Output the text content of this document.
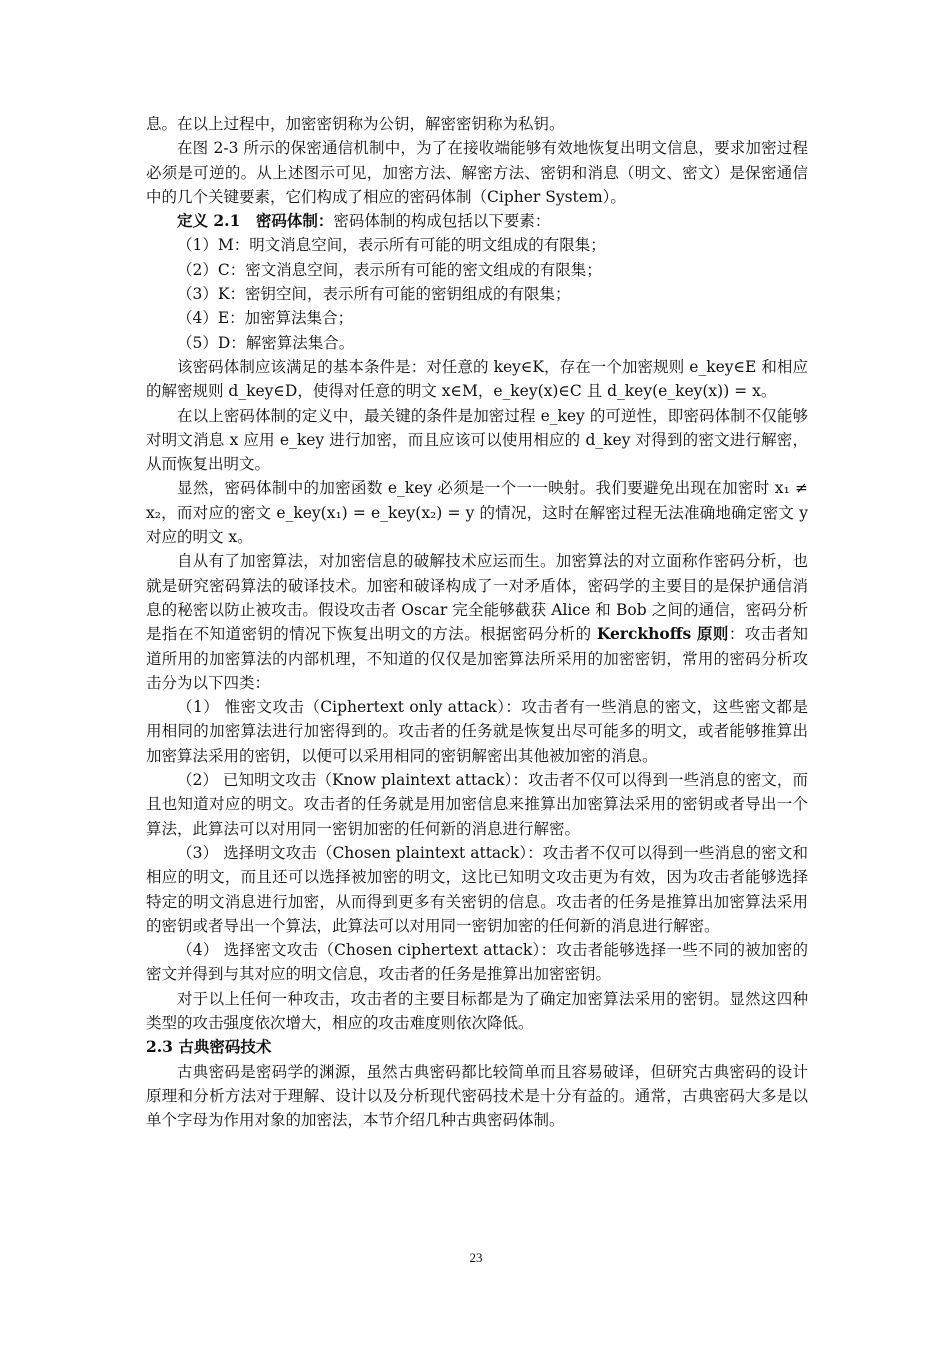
息。在以上过程中，加密密钥称为公钥，解密密钥称为私钥。

在图 2-3 所示的保密通信机制中，为了在接收端能够有效地恢复出明文信息，要求加密过程必须是可逆的。从上述图示可见，加密方法、解密方法、密钥和消息（明文、密文）是保密通信中的几个关键要素，它们构成了相应的密码体制（Cipher System）。

定义 2.1　密码体制：密码体制的构成包括以下要素：

（1）M：明文消息空间，表示所有可能的明文组成的有限集；

（2）C：密文消息空间，表示所有可能的密文组成的有限集；

（3）K：密钥空间，表示所有可能的密钥组成的有限集；

（4）E：加密算法集合；

（5）D：解密算法集合。

该密码体制应该满足的基本条件是：对任意的 key∈K，存在一个加密规则 e_key∈E 和相应的解密规则 d_key∈D，使得对任意的明文 x∈M，e_key(x)∈C 且 d_key(e_key(x)) = x。

在以上密码体制的定义中，最关键的条件是加密过程 e_key 的可逆性，即密码体制不仅能够对明文消息 x 应用 e_key 进行加密，而且应该可以使用相应的 d_key 对得到的密文进行解密，从而恢复出明文。

显然，密码体制中的加密函数 e_key 必须是一个一一映射。我们要避免出现在加密时 x₁ ≠ x₂，而对应的密文 e_key(x₁) = e_key(x₂) = y 的情况，这时在解密过程无法准确地确定密文 y 对应的明文 x。

自从有了加密算法，对加密信息的破解技术应运而生。加密算法的对立面称作密码分析，也就是研究密码算法的破译技术。加密和破译构成了一对矛盾体，密码学的主要目的是保护通信消息的秘密以防止被攻击。假设攻击者 Oscar 完全能够截获 Alice 和 Bob 之间的通信，密码分析是指在不知道密钥的情况下恢复出明文的方法。根据密码分析的 Kerckhoffs 原则：攻击者知道所用的加密算法的内部机理，不知道的仅仅是加密算法所采用的加密密钥，常用的密码分析攻击分为以下四类：

（1） 惟密文攻击（Ciphertext only attack）：攻击者有一些消息的密文，这些密文都是用相同的加密算法进行加密得到的。攻击者的任务就是恢复出尽可能多的明文，或者能够推算出加密算法采用的密钥，以便可以采用相同的密钥解密出其他被加密的消息。

（2） 已知明文攻击（Know plaintext attack）：攻击者不仅可以得到一些消息的密文，而且也知道对应的明文。攻击者的任务就是用加密信息来推算出加密算法采用的密钥或者导出一个算法，此算法可以对用同一密钥加密的任何新的消息进行解密。

（3） 选择明文攻击（Chosen plaintext attack）：攻击者不仅可以得到一些消息的密文和相应的明文，而且还可以选择被加密的明文，这比已知明文攻击更为有效，因为攻击者能够选择特定的明文消息进行加密，从而得到更多有关密钥的信息。攻击者的任务是推算出加密算法采用的密钥或者导出一个算法，此算法可以对用同一密钥加密的任何新的消息进行解密。

（4） 选择密文攻击（Chosen ciphertext attack）：攻击者能够选择一些不同的被加密的密文并得到与其对应的明文信息，攻击者的任务是推算出加密密钥。

对于以上任何一种攻击，攻击者的主要目标都是为了确定加密算法采用的密钥。显然这四种类型的攻击强度依次增大，相应的攻击难度则依次降低。

2.3 古典密码技术

古典密码是密码学的渊源，虽然古典密码都比较简单而且容易破译，但研究古典密码的设计原理和分析方法对于理解、设计以及分析现代密码技术是十分有益的。通常，古典密码大多是以单个字母为作用对象的加密法，本节介绍几种古典密码体制。

23
